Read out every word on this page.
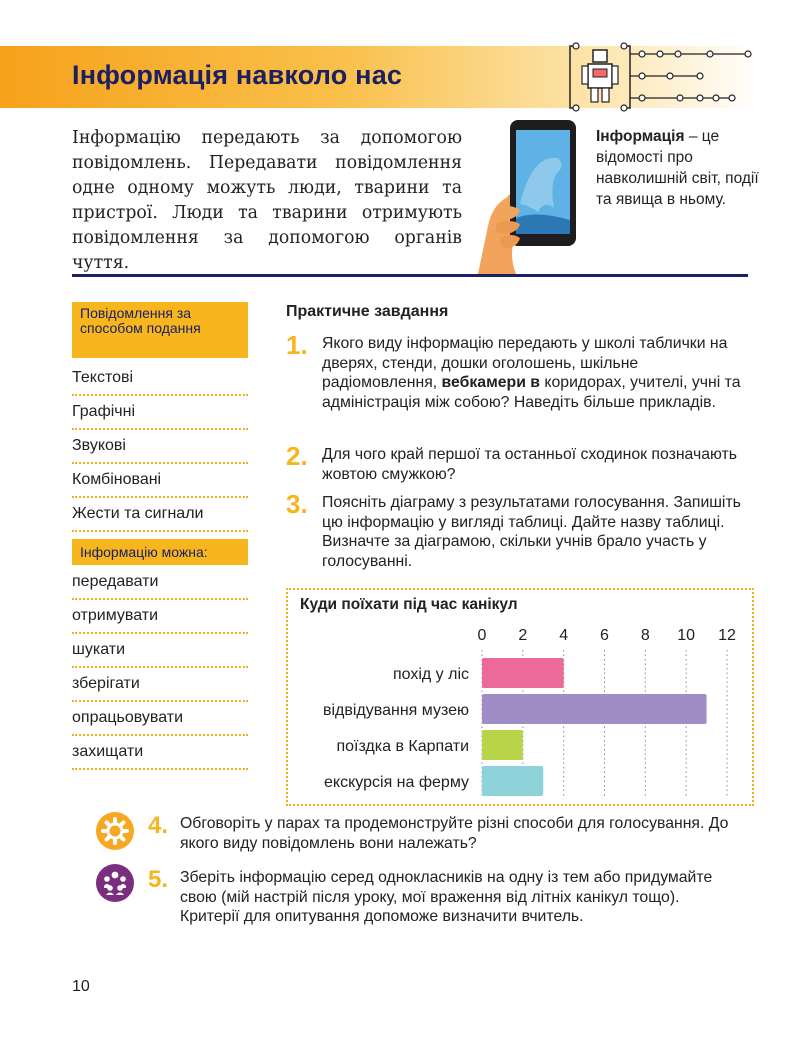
Інформація навколо нас
Інформацію передають за допомогою повідомлень. Передавати повідомлення одне одному можуть люди, тварини та пристрої. Люди та тварини отримують повідомлення за допомогою органів чуття.
Інформація – це відомості про навколишній світ, події та явища в ньому.
Повідомлення за способом подання
Текстові
Графічні
Звукові
Комбіновані
Жести та сигнали
Інформацію можна:
передавати
отримувати
шукати
зберігати
опрацьовувати
захищати
Практичне завдання
1. Якого виду інформацію передають у школі таблички на дверях, стенди, дошки оголошень, шкільне радіомовлення, вебкамери в коридорах, учителі, учні та адміністрація між собою? Наведіть більше прикладів.
2. Для чого край першої та останньої сходинок позначають жовтою смужкою?
3. Поясніть діаграму з результатами голосування. Запишіть цю інформацію у вигляді таблиці. Дайте назву таблиці. Визначте за діаграмою, скільки учнів брало участь у голосуванні.
Куди поїхати під час канікул
0 2 4 6 8 10 12
похід у ліс
відвідування музею
поїздка в Карпати
екскурсія на ферму
4. Обговоріть у парах та продемонструйте різні способи для голосування. До якого виду повідомлень вони належать?
5. Зберіть інформацію серед однокласників на одну із тем або придумайте свою (мій настрій після уроку, мої враження від літніх канікул тощо). Критерії для опитування допоможе визначити вчитель.
10
